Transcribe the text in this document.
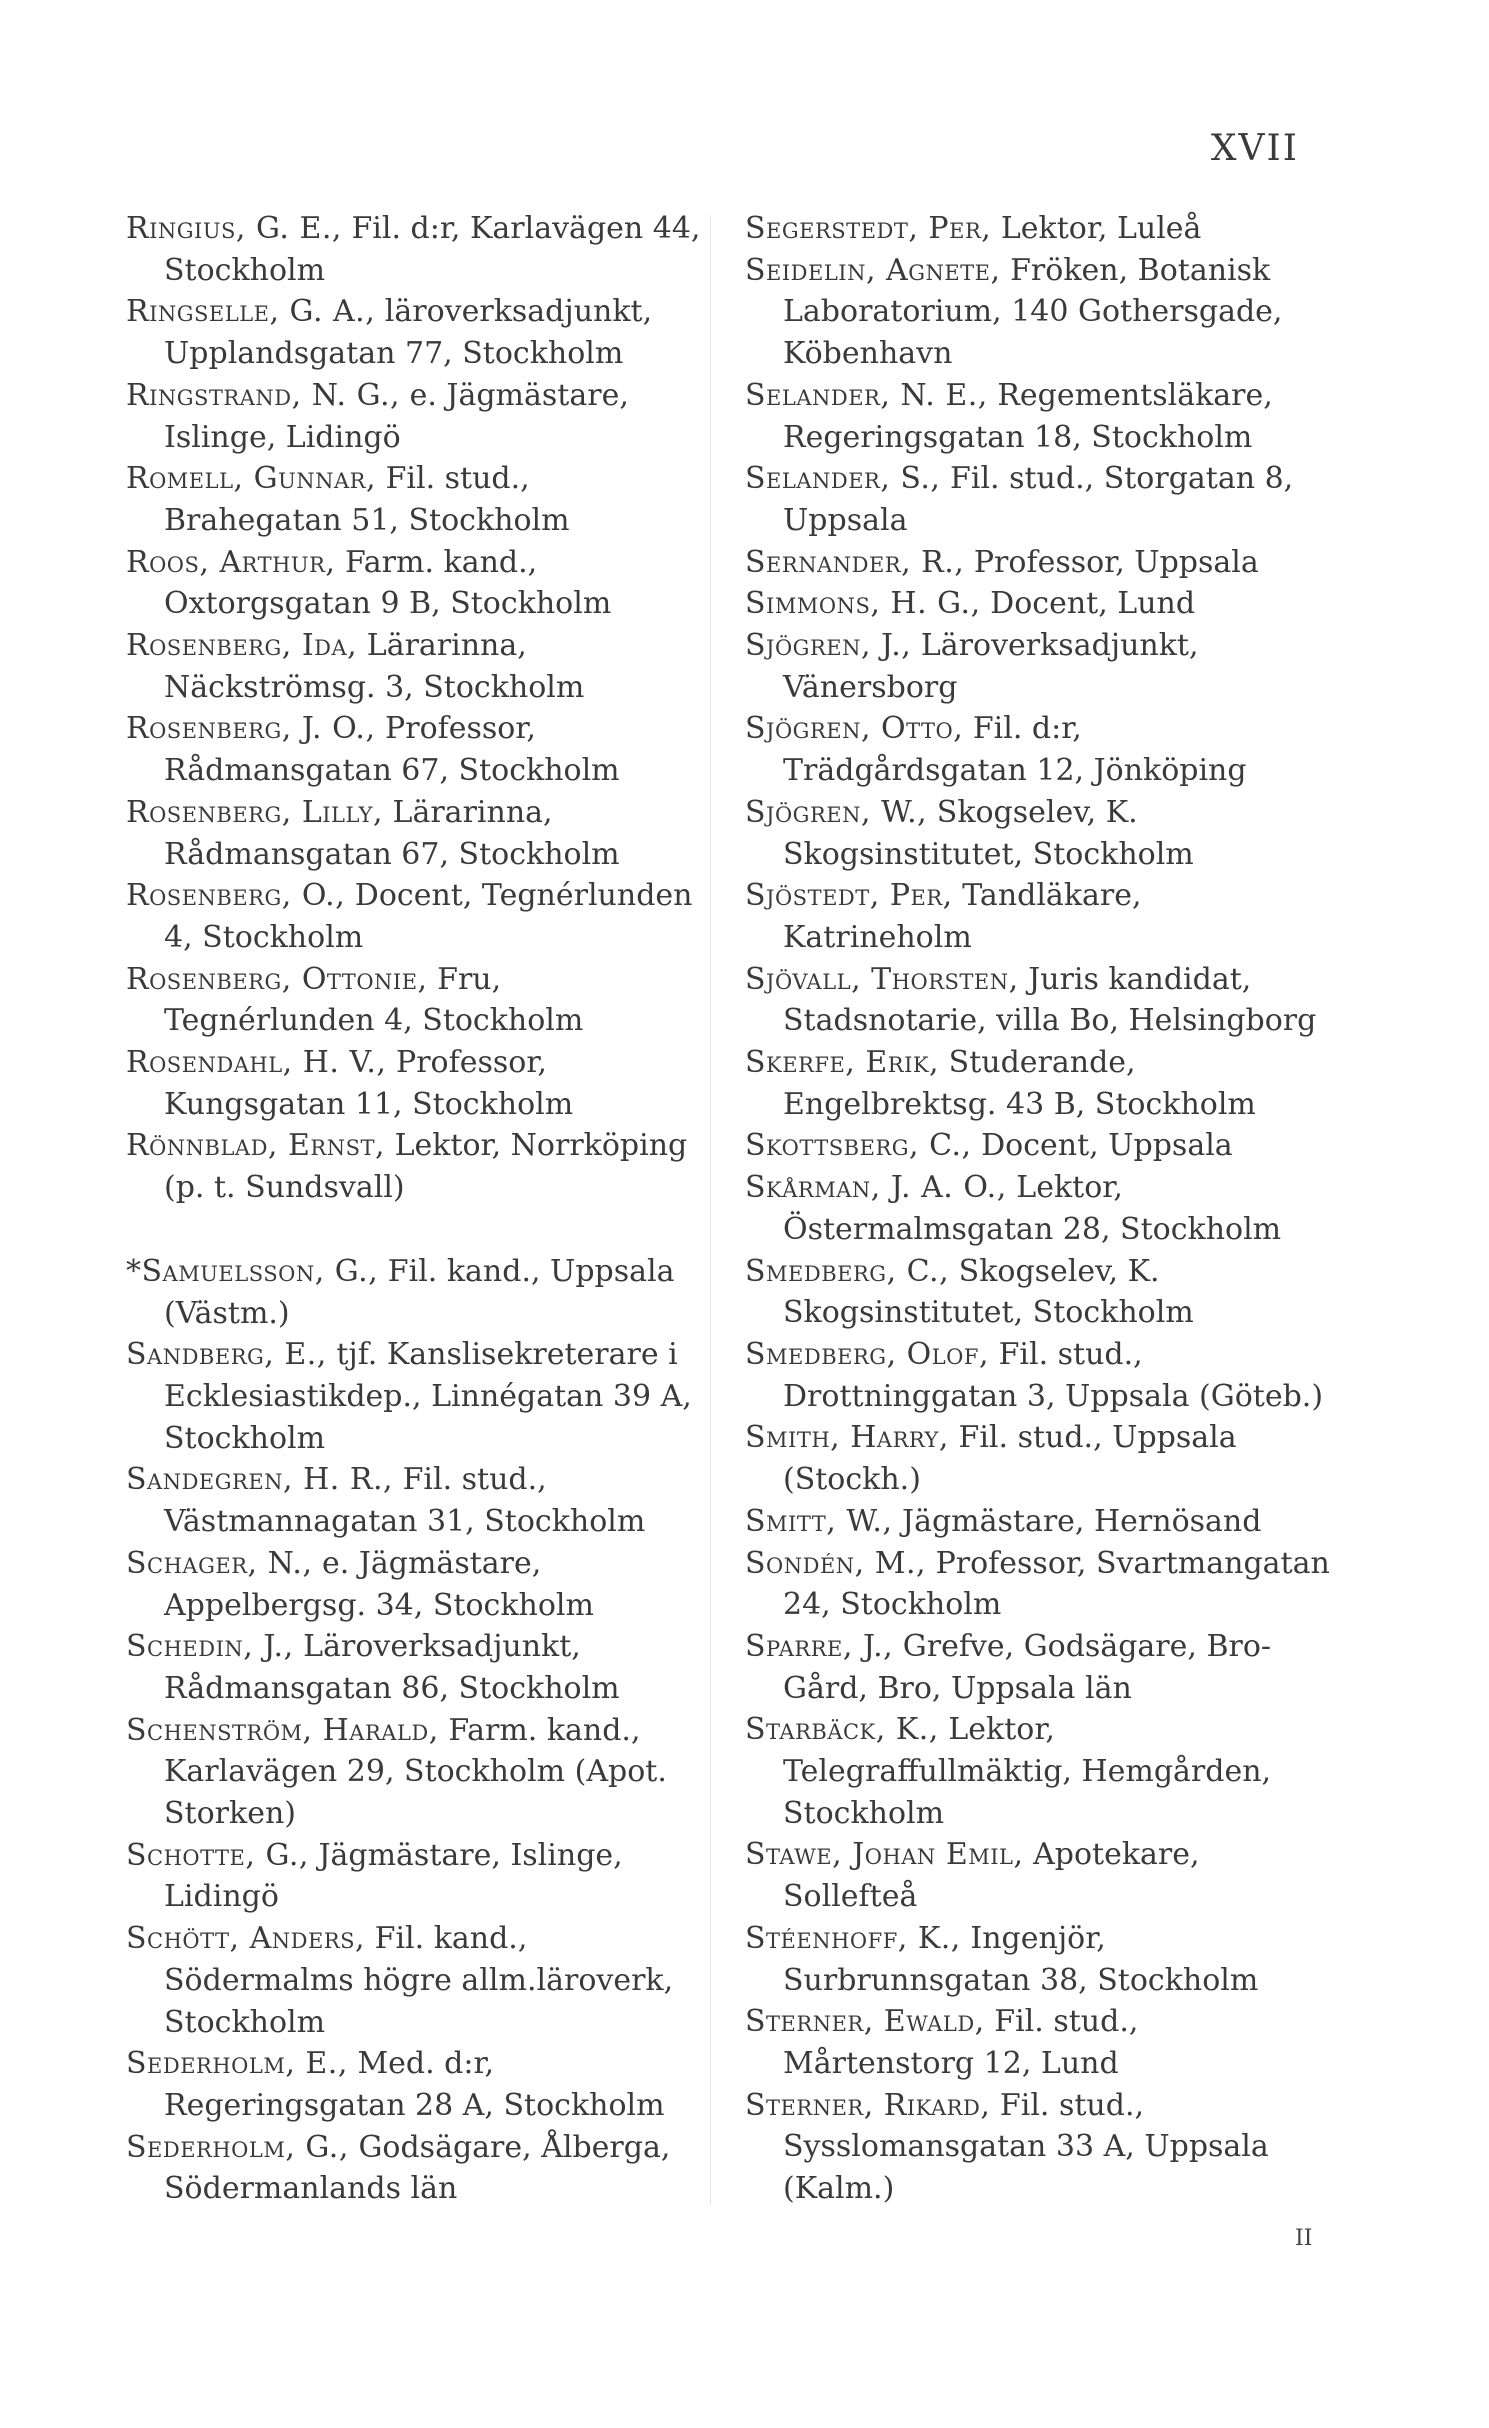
XVII

Ringius, G. E., Fil. d:r, Karlavägen 44, Stockholm

Ringselle, G. A., läroverksadjunkt, Upplandsgatan 77, Stockholm

Ringstrand, N. G., e. Jägmästare, Islinge, Lidingö

Romell, Gunnar, Fil. stud., Brahegatan 51, Stockholm

Roos, Arthur, Farm. kand., Oxtorgsgatan 9 B, Stockholm

Rosenberg, Ida, Lärarinna, Näckströmsg. 3, Stockholm

Rosenberg, J. O., Professor, Rådmansgatan 67, Stockholm

Rosenberg, Lilly, Lärarinna, Rådmansgatan 67, Stockholm

Rosenberg, O., Docent, Tegnérlunden 4, Stockholm

Rosenberg, Ottonie, Fru, Tegnérlunden 4, Stockholm

Rosendahl, H. V., Professor, Kungsgatan 11, Stockholm

Rönnblad, Ernst, Lektor, Norrköping (p. t. Sundsvall)

*Samuelsson, G., Fil. kand., Uppsala (Västm.)

Sandberg, E., tjf. Kanslisekreterare i Ecklesiastikdep., Linnégatan 39 A, Stockholm

Sandegren, H. R., Fil. stud., Västmannagatan 31, Stockholm

Schager, N., e. Jägmästare, Appelbergsg. 34, Stockholm

Schedin, J., Läroverksadjunkt, Rådmansgatan 86, Stockholm

Schenström, Harald, Farm. kand., Karlavägen 29, Stockholm (Apot. Storken)

Schotte, G., Jägmästare, Islinge, Lidingö

Schött, Anders, Fil. kand., Södermalms högre allm.läroverk, Stockholm

Sederholm, E., Med. d:r, Regeringsgatan 28 A, Stockholm

Sederholm, G., Godsägare, Ålberga, Södermanlands län

Segerstedt, Per, Lektor, Luleå

Seidelin, Agnete, Fröken, Botanisk Laboratorium, 140 Gothersgade, Köbenhavn

Selander, N. E., Regementsläkare, Regeringsgatan 18, Stockholm

Selander, S., Fil. stud., Storgatan 8, Uppsala

Sernander, R., Professor, Uppsala

Simmons, H. G., Docent, Lund

Sjögren, J., Läroverksadjunkt, Vänersborg

Sjögren, Otto, Fil. d:r, Trädgårdsgatan 12, Jönköping

Sjögren, W., Skogselev, K. Skogsinstitutet, Stockholm

Sjöstedt, Per, Tandläkare, Katrineholm

Sjövall, Thorsten, Juris kandidat, Stadsnotarie, villa Bo, Helsingborg

Skerfe, Erik, Studerande, Engelbrektsg. 43 B, Stockholm

Skottsberg, C., Docent, Uppsala

Skårman, J. A. O., Lektor, Östermalmsgatan 28, Stockholm

Smedberg, C., Skogselev, K. Skogsinstitutet, Stockholm

Smedberg, Olof, Fil. stud., Drottninggatan 3, Uppsala (Göteb.)

Smith, Harry, Fil. stud., Uppsala (Stockh.)

Smitt, W., Jägmästare, Hernösand

Sondén, M., Professor, Svartmangatan 24, Stockholm

Sparre, J., Grefve, Godsägare, Bro-Gård, Bro, Uppsala län

Starbäck, K., Lektor, Telegraffullmäktig, Hemgården, Stockholm

Stawe, Johan Emil, Apotekare, Sollefteå

Stéenhoff, K., Ingenjör, Surbrunnsgatan 38, Stockholm

Sterner, Ewald, Fil. stud., Mårtenstorg 12, Lund

Sterner, Rikard, Fil. stud., Sysslomansgatan 33 A, Uppsala (Kalm.)

II
